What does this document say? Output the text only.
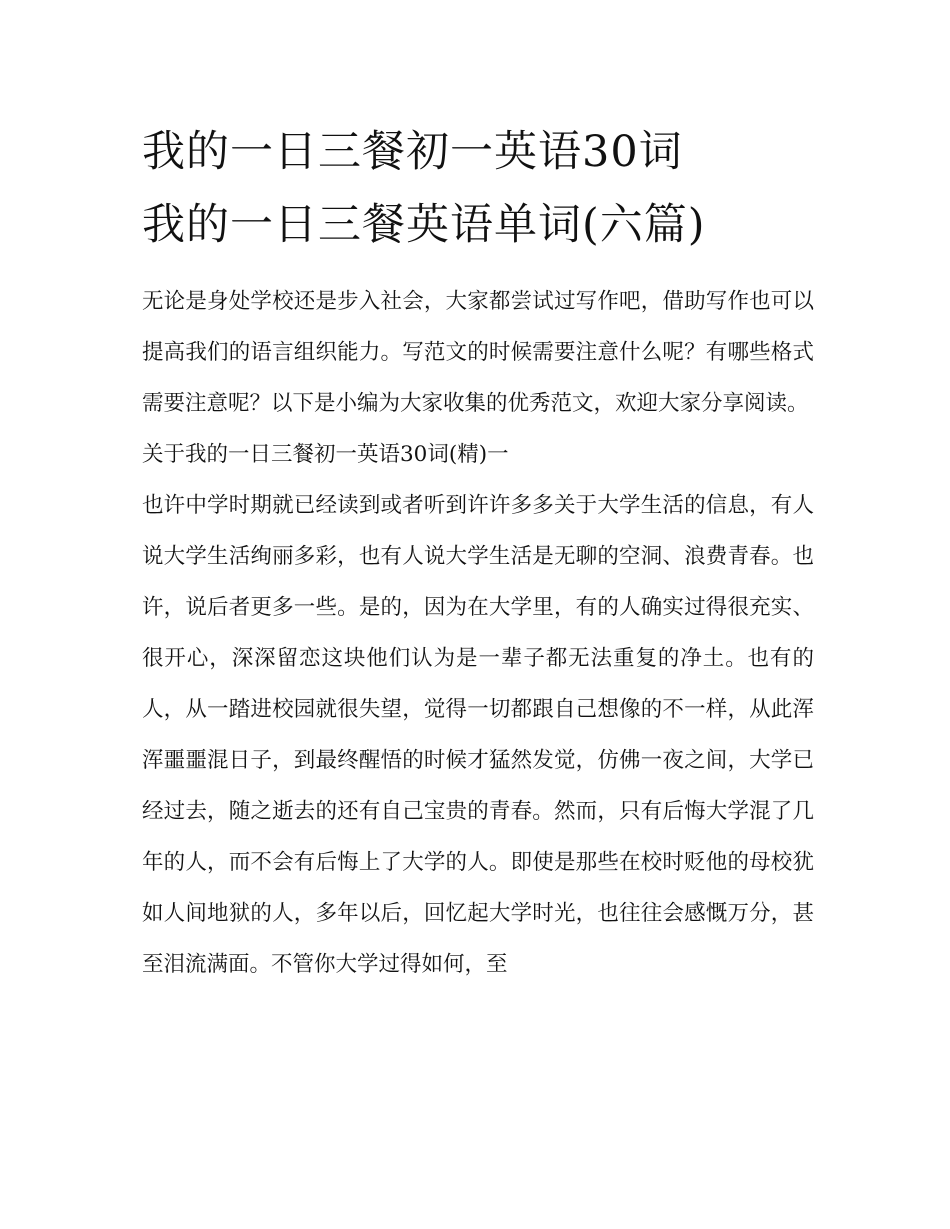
我的一日三餐初一英语30词
我的一日三餐英语单词(六篇)

无论是身处学校还是步入社会，大家都尝试过写作吧，借助写作也可以提高我们的语言组织能力。写范文的时候需要注意什么呢？有哪些格式需要注意呢？以下是小编为大家收集的优秀范文，欢迎大家分享阅读。

关于我的一日三餐初一英语30词(精)一

也许中学时期就已经读到或者听到许许多多关于大学生活的信息，有人说大学生活绚丽多彩，也有人说大学生活是无聊的空洞、浪费青春。也许，说后者更多一些。是的，因为在大学里，有的人确实过得很充实、很开心，深深留恋这块他们认为是一辈子都无法重复的净土。也有的人，从一踏进校园就很失望，觉得一切都跟自己想像的不一样，从此浑浑噩噩混日子，到最终醒悟的时候才猛然发觉，仿佛一夜之间，大学已经过去，随之逝去的还有自己宝贵的青春。然而，只有后悔大学混了几年的人，而不会有后悔上了大学的人。即使是那些在校时贬他的母校犹如人间地狱的人，多年以后，回忆起大学时光，也往往会感慨万分，甚至泪流满面。不管你大学过得如何，至
